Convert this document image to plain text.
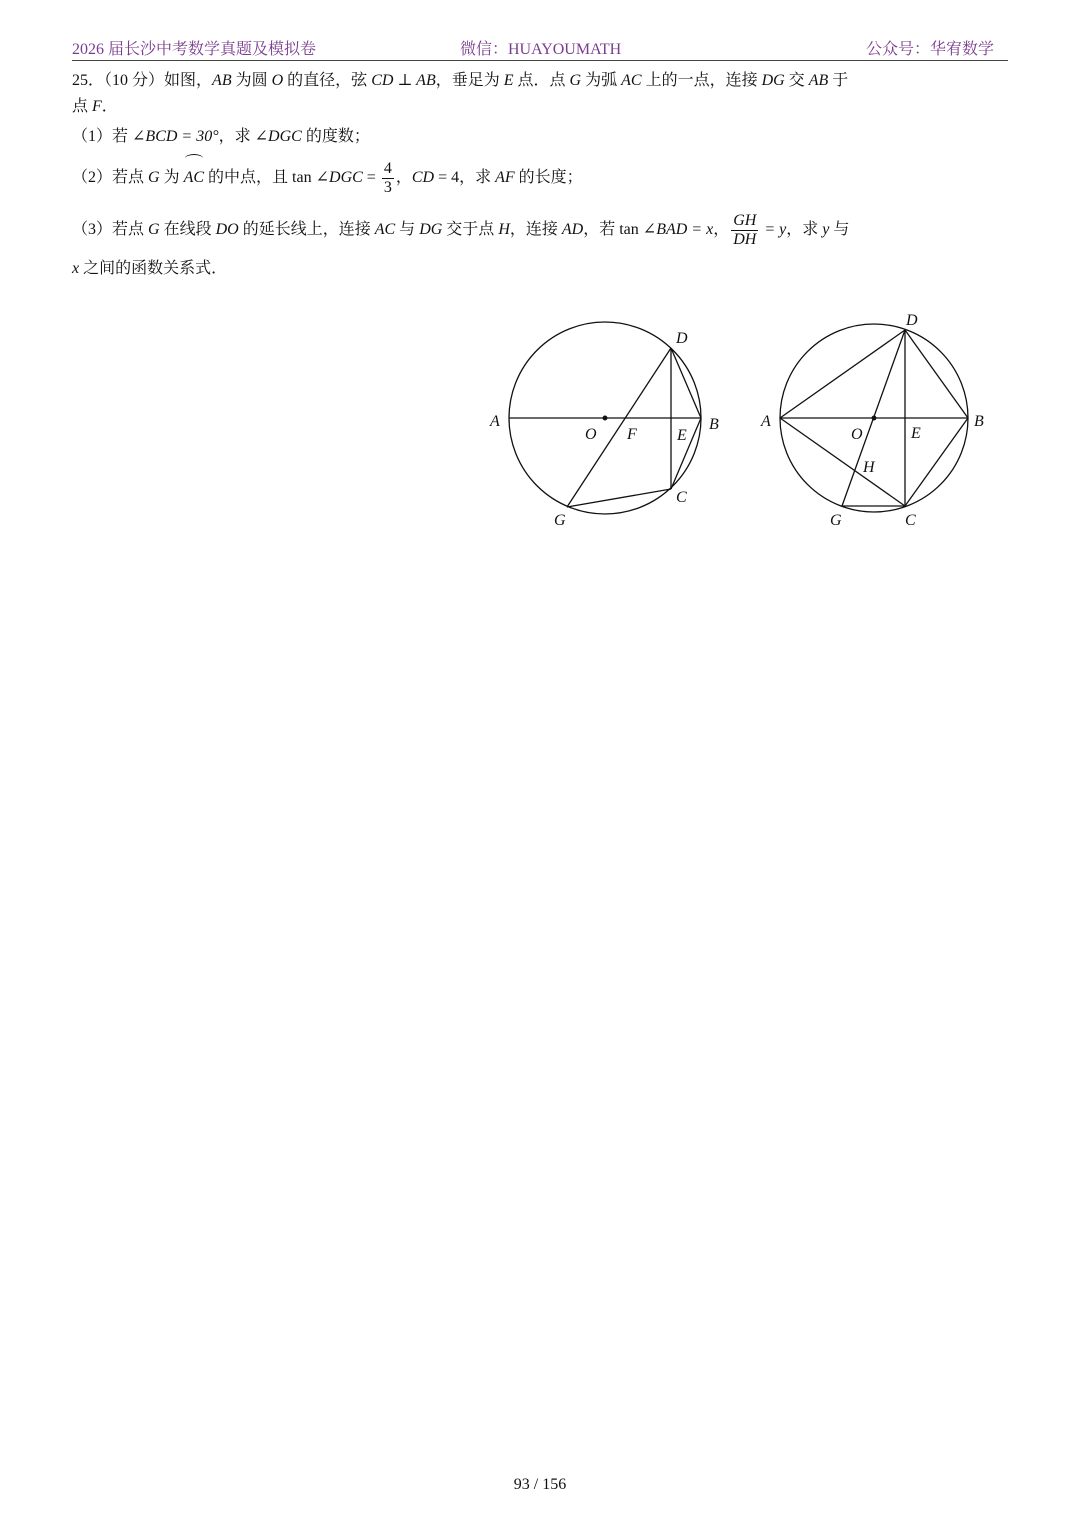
2026 届长沙中考数学真题及模拟卷	微信：HUAYOUMATH	公众号：华宥数学
25．（10 分）如图，AB 为圆 O 的直径，弦 CD ⊥ AB，垂足为 E 点．点 G 为弧 AC 上的一点，连接 DG 交 AB 于
点 F．
（1）若 ∠BCD = 30°，求 ∠DGC 的度数；
（2）若点 G 为 AC 的中点，且 tan ∠DGC = $\frac{4}{3}$ ，CD = 4，求 AF 的长度；
（3）若点 G 在线段 DO 的延长线上，连接 AC 与 DG 交于点 H，连接 AD，若 tan ∠BAD = x， $\frac{GH}{DH} = y$，求 y 与
x 之间的函数关系式．
A	B
O F	E
D
C
G
A	B
O	E
D
C
G
H
93 / 156
